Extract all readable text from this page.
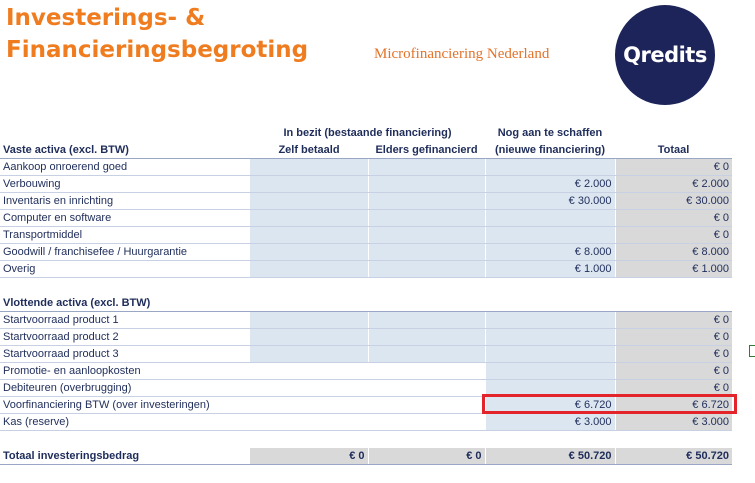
Investerings- &
Financieringsbegroting	Microfinanciering Nederland	Qredits
In bezit (bestaande financiering)	Nog aan te schaffen
Vaste activa (excl. BTW)	Zelf betaald	Elders gefinancierd	(nieuwe financiering)	Totaal
Aankoop onroerend goed				€ 0
Verbouwing			€ 2.000	€ 2.000
Inventaris en inrichting			€ 30.000	€ 30.000
Computer en software				€ 0
Transportmiddel				€ 0
Goodwill / franchisefee / Huurgarantie			€ 8.000	€ 8.000
Overig			€ 1.000	€ 1.000

Vlottende activa (excl. BTW)				
Startvoorraad product 1				€ 0
Startvoorraad product 2				€ 0
Startvoorraad product 3				€ 0
Promotie- en aanloopkosten				€ 0
Debiteuren (overbrugging)				€ 0
Voorfinanciering BTW (over investeringen)			€ 6.720	€ 6.720
Kas (reserve)			€ 3.000	€ 3.000

Totaal investeringsbedrag	€ 0	€ 0	€ 50.720	€ 50.720
